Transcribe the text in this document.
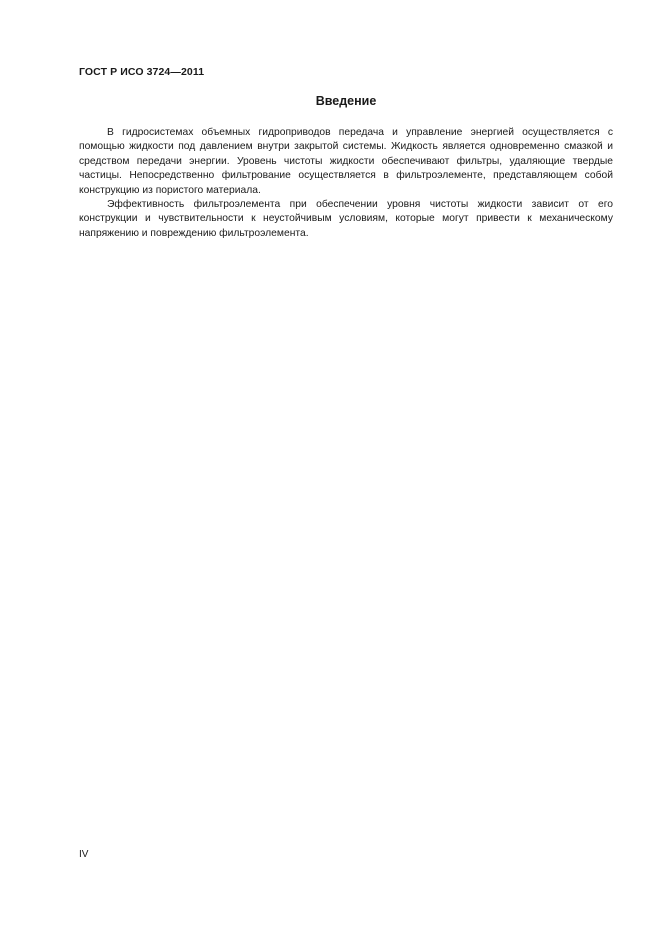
ГОСТ Р ИСО 3724—2011
Введение

В гидросистемах объемных гидроприводов передача и управление энергией осуществляется с помощью жидкости под давлением внутри закрытой системы. Жидкость является одновременно смазкой и средством передачи энергии. Уровень чистоты жидкости обеспечивают фильтры, удаляющие твердые частицы. Непосредственно фильтрование осуществляется в фильтроэлементе, представляющем собой конструкцию из пористого материала.

Эффективность фильтроэлемента при обеспечении уровня чистоты жидкости зависит от его конструкции и чувствительности к неустойчивым условиям, которые могут привести к механическому напряжению и повреждению фильтроэлемента.

IV
